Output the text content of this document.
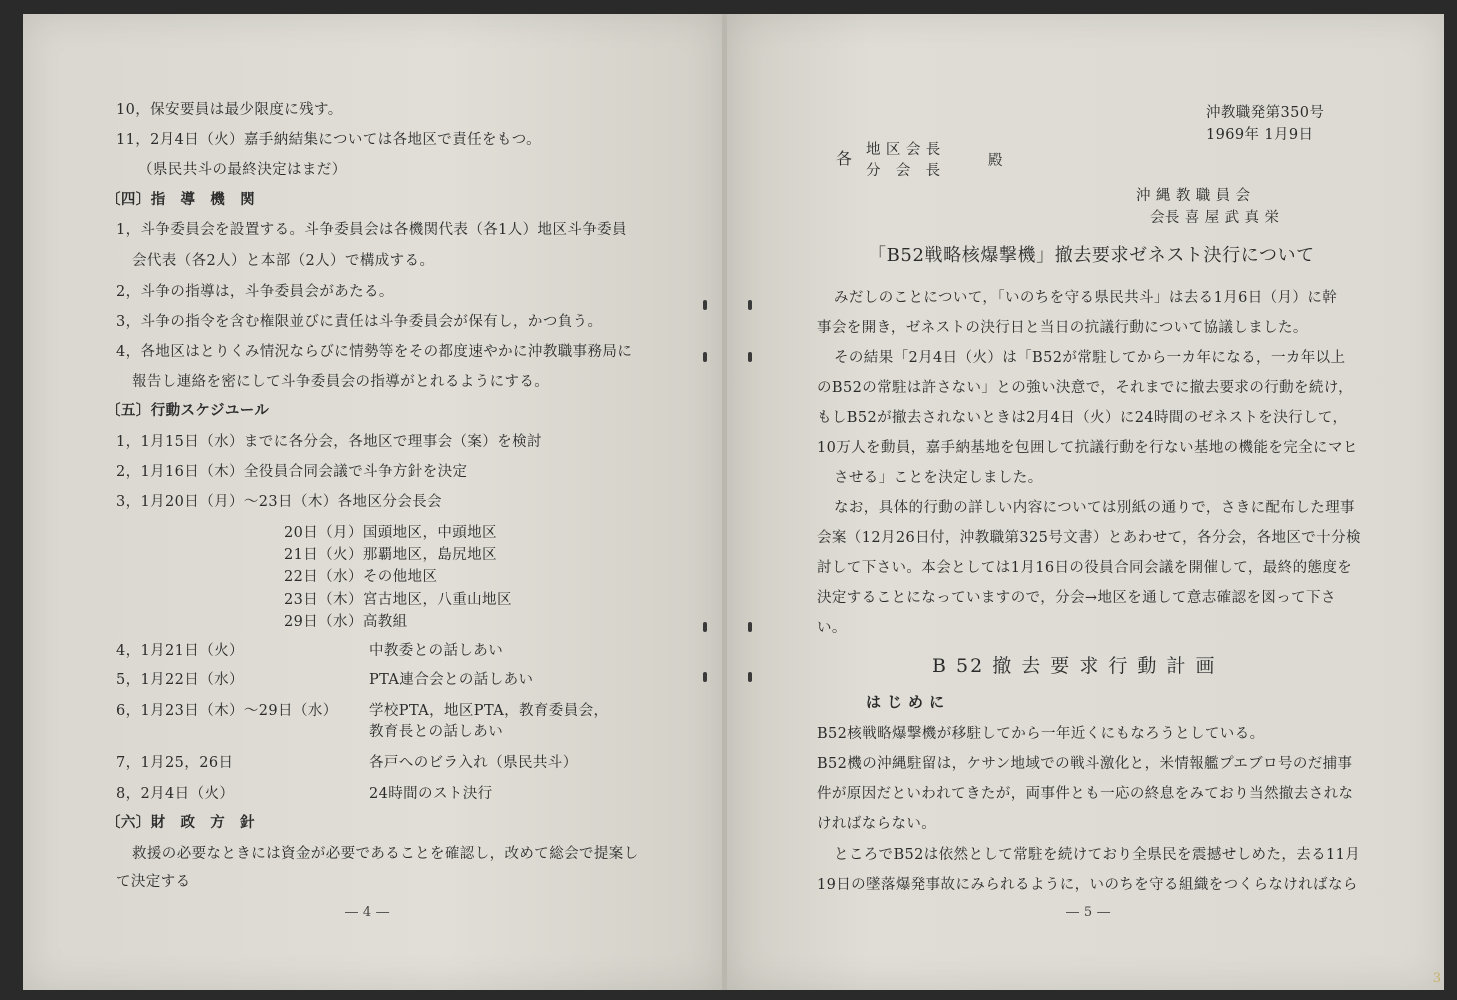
10，保安要員は最少限度に残す。
11，2月4日（火）嘉手納結集については各地区で責任をもつ。
（県民共斗の最終決定はまだ）
〔四〕指　導　機　関
1，斗争委員会を設置する。斗争委員会は各機関代表（各1人）地区斗争委員
会代表（各2人）と本部（2人）で構成する。
2，斗争の指導は，斗争委員会があたる。
3，斗争の指令を含む権限並びに責任は斗争委員会が保有し，かつ負う。
4，各地区はとりくみ情況ならびに情勢等をその都度速やかに沖教職事務局に
報告し連絡を密にして斗争委員会の指導がとれるようにする。
〔五〕行動スケジユール
1，1月15日（水）までに各分会，各地区で理事会（案）を検討
2，1月16日（木）全役員合同会議で斗争方針を決定
3，1月20日（月）～23日（木）各地区分会長会
20日（月）国頭地区，中頭地区
21日（火）那覇地区，島尻地区
22日（水）その他地区
23日（木）宮古地区，八重山地区
29日（水）高教組
4，1月21日（火）	中教委との話しあい
5，1月22日（水）	PTA連合会との話しあい
6，1月23日（木）～29日（水） 学校PTA，地区PTA，教育委員会，
教育長との話しあい
7，1月25，26日	各戸へのビラ入れ（県民共斗）
8，2月4日（火）	24時間のスト決行
〔六〕財　政　方　針
救援の必要なときには資金が必要であることを確認し，改めて総会で提案し
て決定する
― 4 ―
沖教職発第350号
1969年 1月9日
各 地 区 会 長
分　会　長
殿
沖 縄 教 職 員 会
会長 喜 屋 武 真 栄
「B52戦略核爆撃機」撤去要求ゼネスト決行について
みだしのことについて，「いのちを守る県民共斗」は去る1月6日（月）に幹
事会を開き，ゼネストの決行日と当日の抗議行動について協議しました。
その結果「2月4日（火）は「B52が常駐してから一カ年になる，一カ年以上
のB52の常駐は許さない」との強い決意で，それまでに撤去要求の行動を続け，
もしB52が撤去されないときは2月4日（火）に24時間のゼネストを決行して，
10万人を動員，嘉手納基地を包囲して抗議行動を行ない基地の機能を完全にマヒ
させる」ことを決定しました。
なお，具体的行動の詳しい内容については別紙の通りで，さきに配布した理事
会案（12月26日付，沖教職第325号文書）とあわせて，各分会，各地区で十分検
討して下さい。本会としては1月16日の役員合同会議を開催して，最終的態度を
決定することになっていますので，分会→地区を通して意志確認を図って下さ
い。
B 52 撤 去 要 求 行 動 計 画
は じ め に
B52核戦略爆撃機が移駐してから一年近くにもなろうとしている。
B52機の沖縄駐留は，ケサン地域での戦斗激化と，米情報艦プエブロ号のだ捕事
件が原因だといわれてきたが，両事件とも一応の終息をみており当然撤去されな
ければならない。
ところでB52は依然として常駐を続けており全県民を震撼せしめた，去る11月
19日の墜落爆発事故にみられるように，いのちを守る組織をつくらなければなら
― 5 ―
3
